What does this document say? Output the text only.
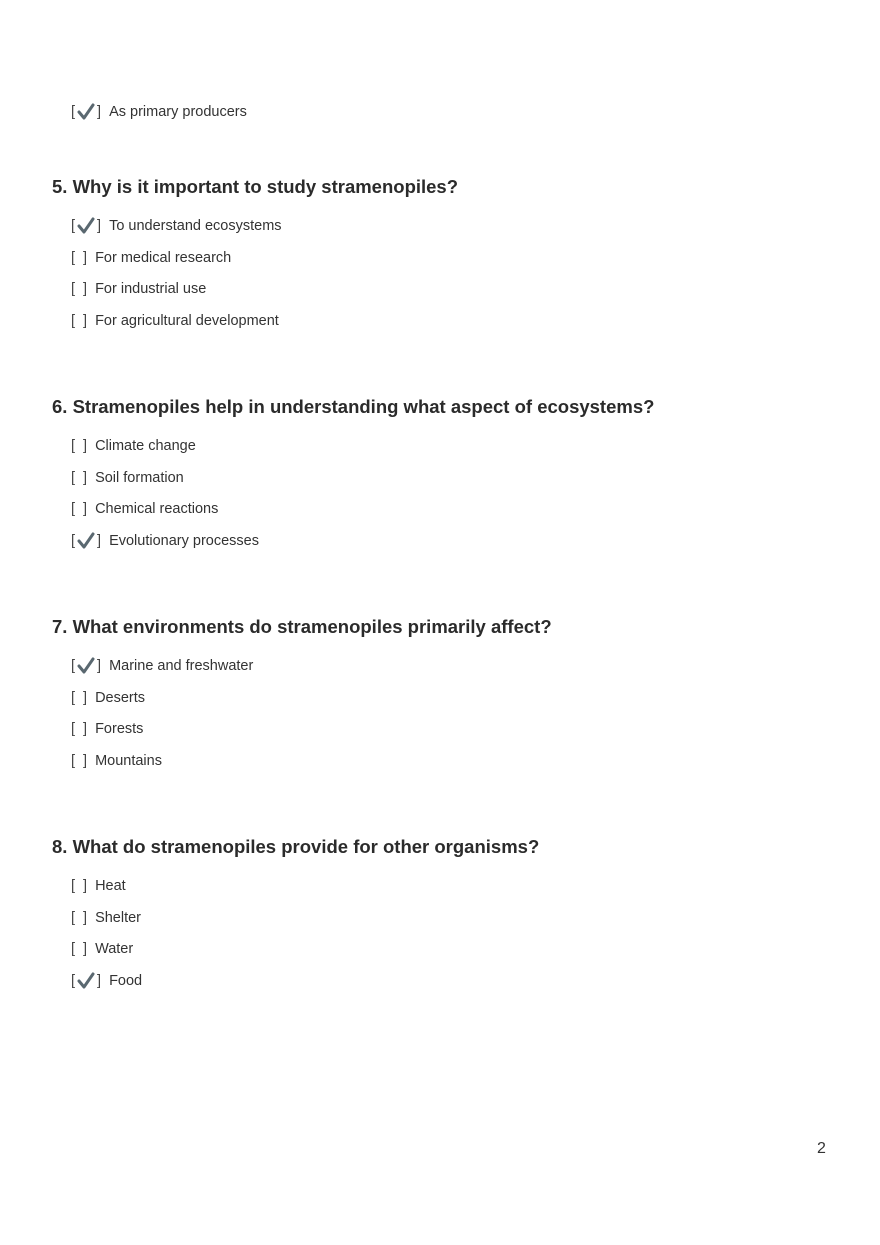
[ ] As primary producers
5. Why is it important to study stramenopiles?
[ ] To understand ecosystems
[ ] For medical research
[ ] For industrial use
[ ] For agricultural development
6. Stramenopiles help in understanding what aspect of ecosystems?
[ ] Climate change
[ ] Soil formation
[ ] Chemical reactions
[ ] Evolutionary processes
7. What environments do stramenopiles primarily affect?
[ ] Marine and freshwater
[ ] Deserts
[ ] Forests
[ ] Mountains
8. What do stramenopiles provide for other organisms?
[ ] Heat
[ ] Shelter
[ ] Water
[ ] Food
2
